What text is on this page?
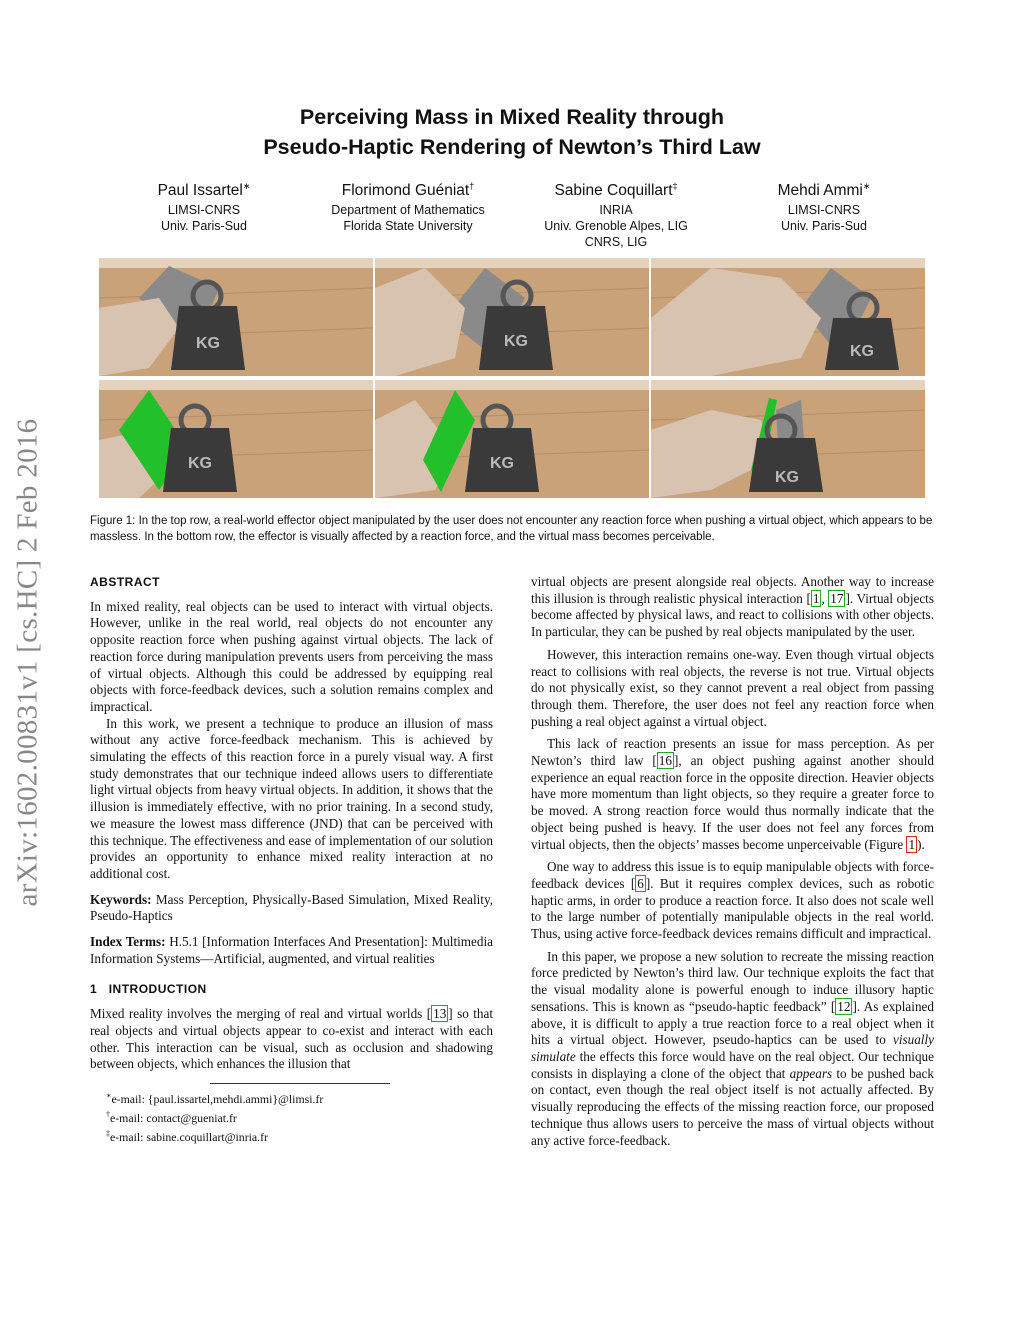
arXiv:1602.00831v1 [cs.HC] 2 Feb 2016
Perceiving Mass in Mixed Reality through
Pseudo-Haptic Rendering of Newton’s Third Law
Paul Issartel∗
LIMSI-CNRS
Univ. Paris-Sud
Florimond Guéniat†
Department of Mathematics
Florida State University
Sabine Coquillart‡
INRIA
Univ. Grenoble Alpes, LIG
CNRS, LIG
Mehdi Ammi∗
LIMSI-CNRS
Univ. Paris-Sud
KG	KG
KG
KG	KG
KG
Figure 1: In the top row, a real-world effector object manipulated by the user does not encounter any reaction force when pushing a virtual object, which appears to be massless. In the bottom row, the effector is visually affected by a reaction force, and the virtual mass becomes perceivable.
ABSTRACT

In mixed reality, real objects can be used to interact with virtual objects. However, unlike in the real world, real objects do not encounter any opposite reaction force when pushing against virtual objects. The lack of reaction force during manipulation prevents users from perceiving the mass of virtual objects. Although this could be addressed by equipping real objects with force-feedback devices, such a solution remains complex and impractical.

In this work, we present a technique to produce an illusion of mass without any active force-feedback mechanism. This is achieved by simulating the effects of this reaction force in a purely visual way. A first study demonstrates that our technique indeed allows users to differentiate light virtual objects from heavy virtual objects. In addition, it shows that the illusion is immediately effective, with no prior training. In a second study, we measure the lowest mass difference (JND) that can be perceived with this technique. The effectiveness and ease of implementation of our solution provides an opportunity to enhance mixed reality interaction at no additional cost.

Keywords: Mass Perception, Physically-Based Simulation, Mixed Reality, Pseudo-Haptics

Index Terms: H.5.1 [Information Interfaces And Presentation]: Multimedia Information Systems—Artificial, augmented, and virtual realities

1 INTRODUCTION

Mixed reality involves the merging of real and virtual worlds [ 13 ] so that real objects and virtual objects appear to co-exist and interact with each other. This interaction can be visual, such as occlusion and shadowing between objects, which enhances the illusion that

∗e-mail: {paul.issartel,mehdi.ammi}@limsi.fr

†e-mail: contact@gueniat.fr

‡e-mail: sabine.coquillart@inria.fr

virtual objects are present alongside real objects. Another way to increase this illusion is through realistic physical interaction [ 1 , 17 ]. Virtual objects become affected by physical laws, and react to collisions with other objects. In particular, they can be pushed by real objects manipulated by the user.

However, this interaction remains one-way. Even though virtual objects react to collisions with real objects, the reverse is not true. Virtual objects do not physically exist, so they cannot prevent a real object from passing through them. Therefore, the user does not feel any reaction force when pushing a real object against a virtual object.

This lack of reaction presents an issue for mass perception. As per Newton’s third law [ 16 ], an object pushing against another should experience an equal reaction force in the opposite direction. Heavier objects have more momentum than light objects, so they require a greater force to be moved. A strong reaction force would thus normally indicate that the object being pushed is heavy. If the user does not feel any forces from virtual objects, then the objects’ masses become unperceivable (Figure 1 ).

One way to address this issue is to equip manipulable objects with force-feedback devices [ 6 ]. But it requires complex devices, such as robotic haptic arms, in order to produce a reaction force. It also does not scale well to the large number of potentially manipulable objects in the real world. Thus, using active force-feedback devices remains difficult and impractical.

In this paper, we propose a new solution to recreate the missing reaction force predicted by Newton’s third law. Our technique exploits the fact that the visual modality alone is powerful enough to induce illusory haptic sensations. This is known as “pseudo-haptic feedback” [ 12 ]. As explained above, it is difficult to apply a true reaction force to a real object when it hits a virtual object. However, pseudo-haptics can be used to visually simulate the effects this force would have on the real object. Our technique consists in displaying a clone of the object that appears to be pushed back on contact, even though the real object itself is not actually affected. By visually reproducing the effects of the missing reaction force, our proposed technique thus allows users to perceive the mass of virtual objects without any active force-feedback.
